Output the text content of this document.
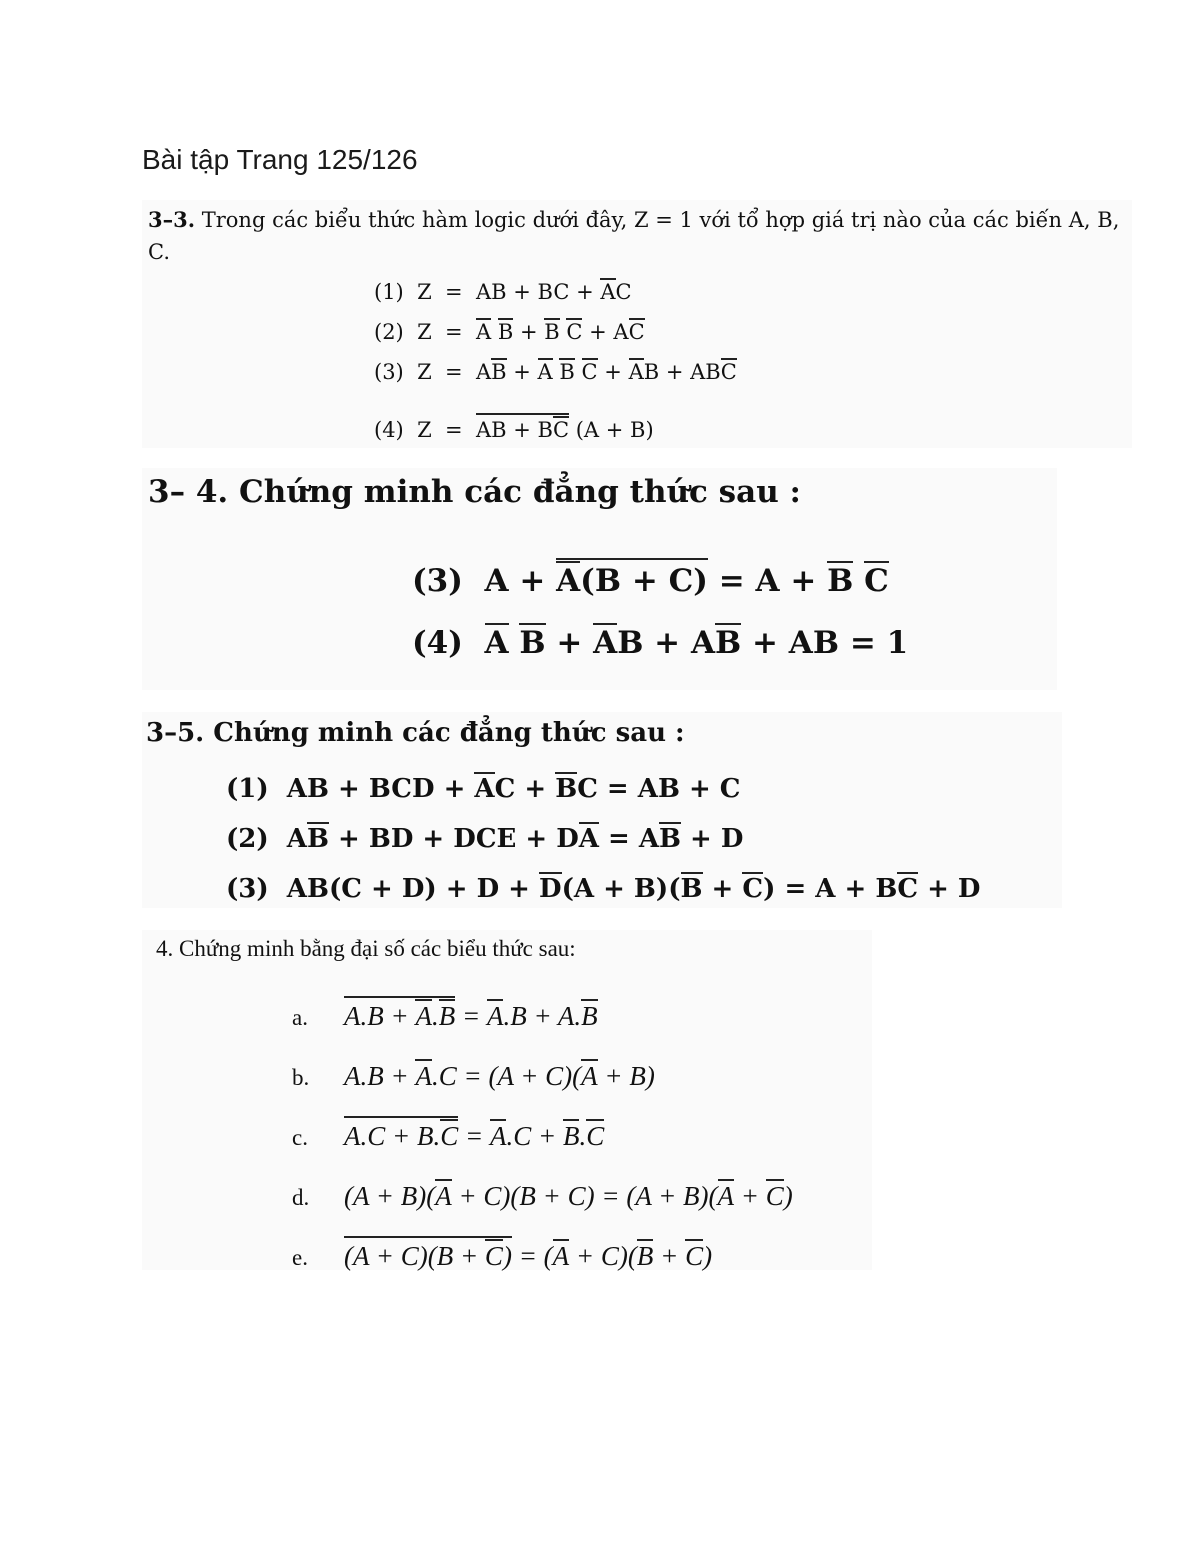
Bài tập Trang 125/126
3–3. Trong các biểu thức hàm logic dưới đây, Z = 1 với tổ hợp giá trị nào của các biến A, B, C.
(1)  Z  =  AB + BC + AC
(2)  Z  =  A B + B C + AC
(3)  Z  =  AB + A B C + AB + ABC
(4)  Z  =  AB + BC (A + B)
3– 4. Chứng minh các đẳng thức sau :
(3)  A + A(B + C) = A + B C
(4)  A B + AB + AB + AB = 1
3–5. Chứng minh các đẳng thức sau :
(1)  AB + BCD + AC + BC = AB + C
(2)  AB + BD + DCE + DA = AB + D
(3)  AB(C + D) + D + D(A + B)(B + C) = A + BC + D
4. Chứng minh bằng đại số các biểu thức sau:
a. A.B + A.B = A.B + A.B
b. A.B + A.C = (A + C)(A + B)
c. A.C + B.C = A.C + B.C
d. (A + B)(A + C)(B + C) = (A + B)(A + C)
e. (A + C)(B + C) = (A + C)(B + C)
